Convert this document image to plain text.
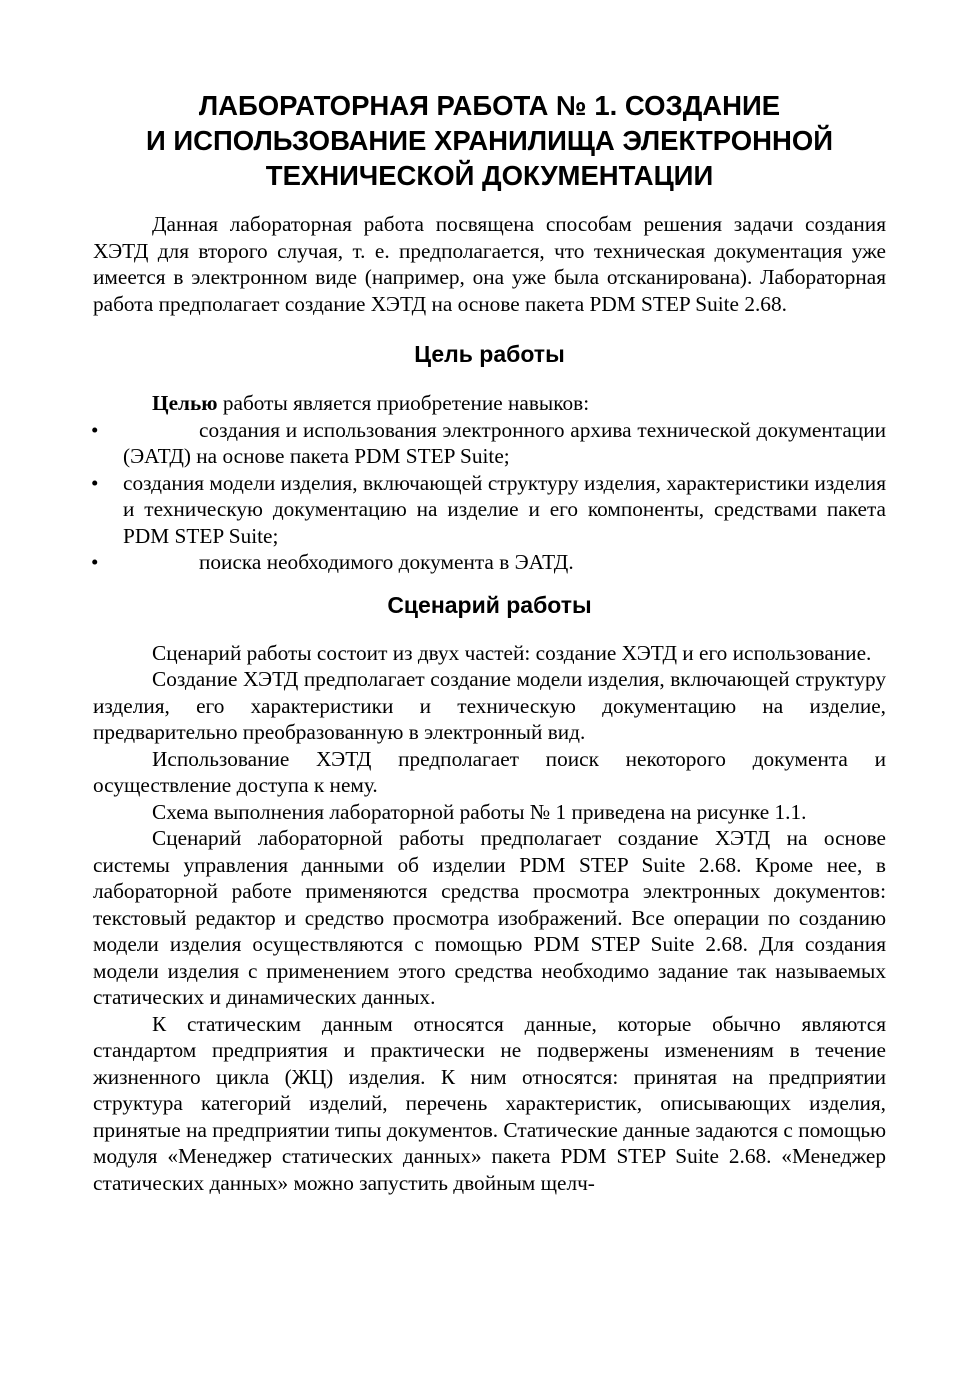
ЛАБОРАТОРНАЯ РАБОТА № 1. СОЗДАНИЕ
И ИСПОЛЬЗОВАНИЕ ХРАНИЛИЩА ЭЛЕКТРОННОЙ
ТЕХНИЧЕСКОЙ ДОКУМЕНТАЦИИ

Данная лабораторная работа посвящена способам решения задачи создания ХЭТД для второго случая, т. е. предполагается, что техническая документация уже имеется в электронном виде (например, она уже была отсканирована). Лабораторная работа предполагает создание ХЭТД на основе пакета PDM STEP Suite 2.68.

Цель работы

Целью работы является приобретение навыков:

•	создания и использования электронного архива технической документации (ЭАТД) на основе пакета PDM STEP Suite;
• создания модели изделия, включающей структуру изделия, характеристики изделия и техническую документацию на изделие и его компоненты, средствами пакета PDM STEP Suite;
•	поиска необходимого документа в ЭАТД.
Сценарий работы

Сценарий работы состоит из двух частей: создание ХЭТД и его использование.

Создание ХЭТД предполагает создание модели изделия, включающей структуру изделия, его характеристики и техническую документацию на изделие, предварительно преобразованную в электронный вид.

Использование ХЭТД предполагает поиск некоторого документа и осуществление доступа к нему.

Схема выполнения лабораторной работы № 1 приведена на рисунке 1.1.

Сценарий лабораторной работы предполагает создание ХЭТД на основе системы управления данными об изделии PDM STEP Suite 2.68. Кроме нее, в лабораторной работе применяются средства просмотра электронных документов: текстовый редактор и средство просмотра изображений. Все операции по созданию модели изделия осуществляются с помощью PDM STEP Suite 2.68. Для создания модели изделия с применением этого средства необходимо задание так называемых статических и динамических данных.

К статическим данным относятся данные, которые обычно являются стандартом предприятия и практически не подвержены изменениям в течение жизненного цикла (ЖЦ) изделия. К ним относятся: принятая на предприятии структура категорий изделий, перечень характеристик, описывающих изделия, принятые на предприятии типы документов. Статические данные задаются с помощью модуля «Менеджер статических данных» пакета PDM STEP Suite 2.68. «Менеджер статических данных» можно запустить двойным щелч-
